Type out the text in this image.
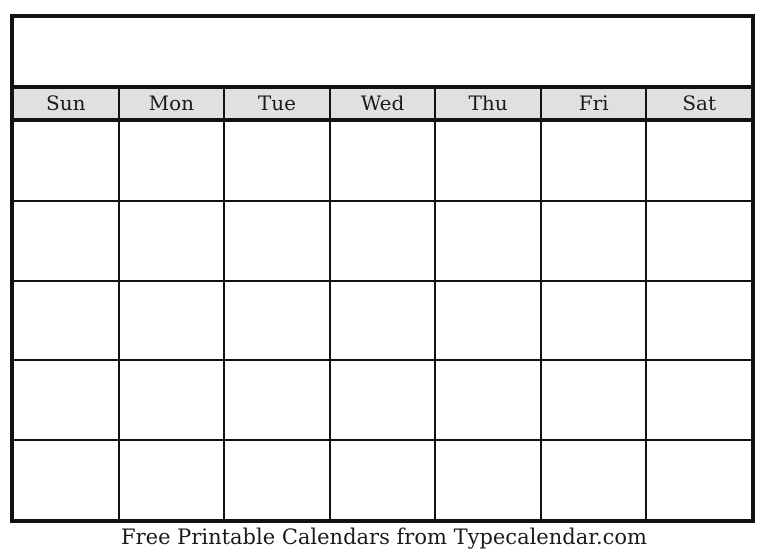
Sun	Mon	Tue	Wed	Thu	Fri	Sat
Free Printable Calendars from Typecalendar.com
